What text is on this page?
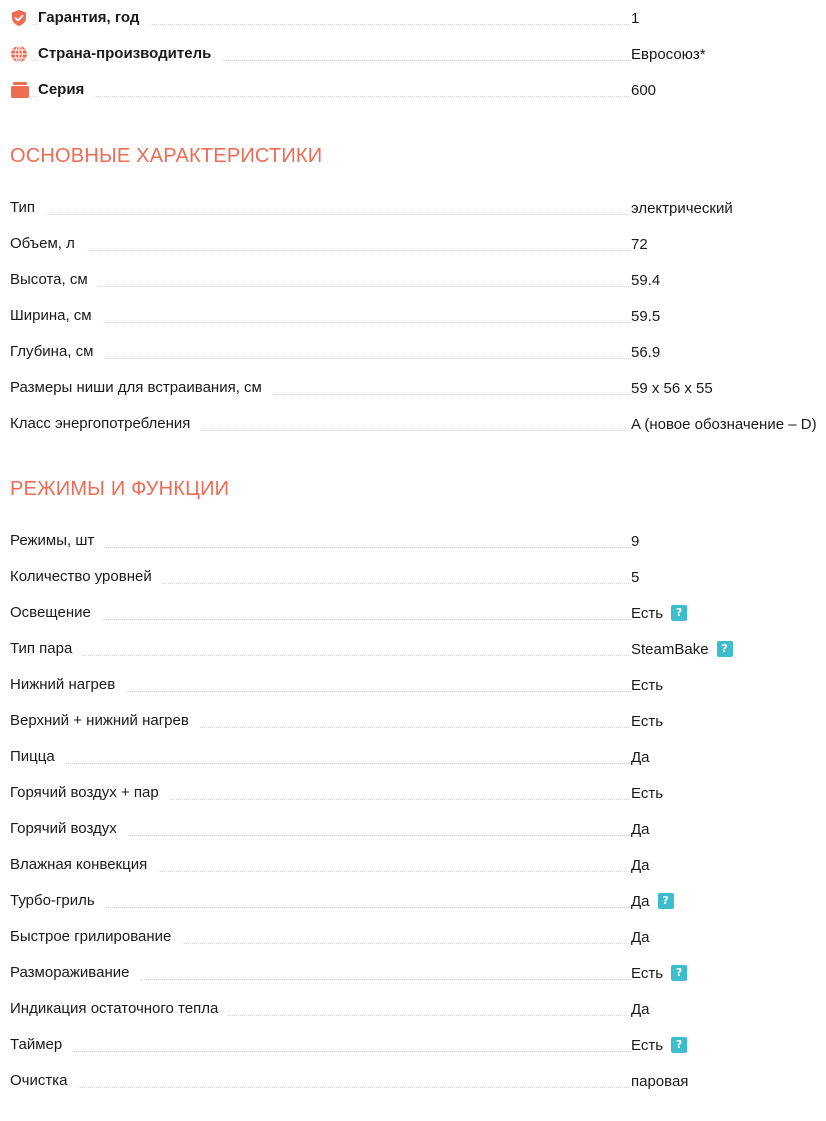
Гарантия, год	1
Страна-производитель	Евросоюз*
Серия	600
ОСНОВНЫЕ ХАРАКТЕРИСТИКИ
Тип	электрический
Объем, л	72
Высота, см	59.4
Ширина, см	59.5
Глубина, см	56.9
Размеры ниши для встраивания, см	59 x 56 x 55
Класс энергопотребления	A (новое обозначение – D)
РЕЖИМЫ И ФУНКЦИИ
Режимы, шт	9
Количество уровней	5
Освещение	Есть	?
Тип пара	SteamBake	?
Нижний нагрев	Есть
Верхний + нижний нагрев	Есть
Пицца	Да
Горячий воздух + пар	Есть
Горячий воздух	Да
Влажная конвекция	Да
Турбо-гриль	Да	?
Быстрое грилирование	Да
Размораживание	Есть	?
Индикация остаточного тепла	Да
Таймер	Есть	?
Очистка	паровая
